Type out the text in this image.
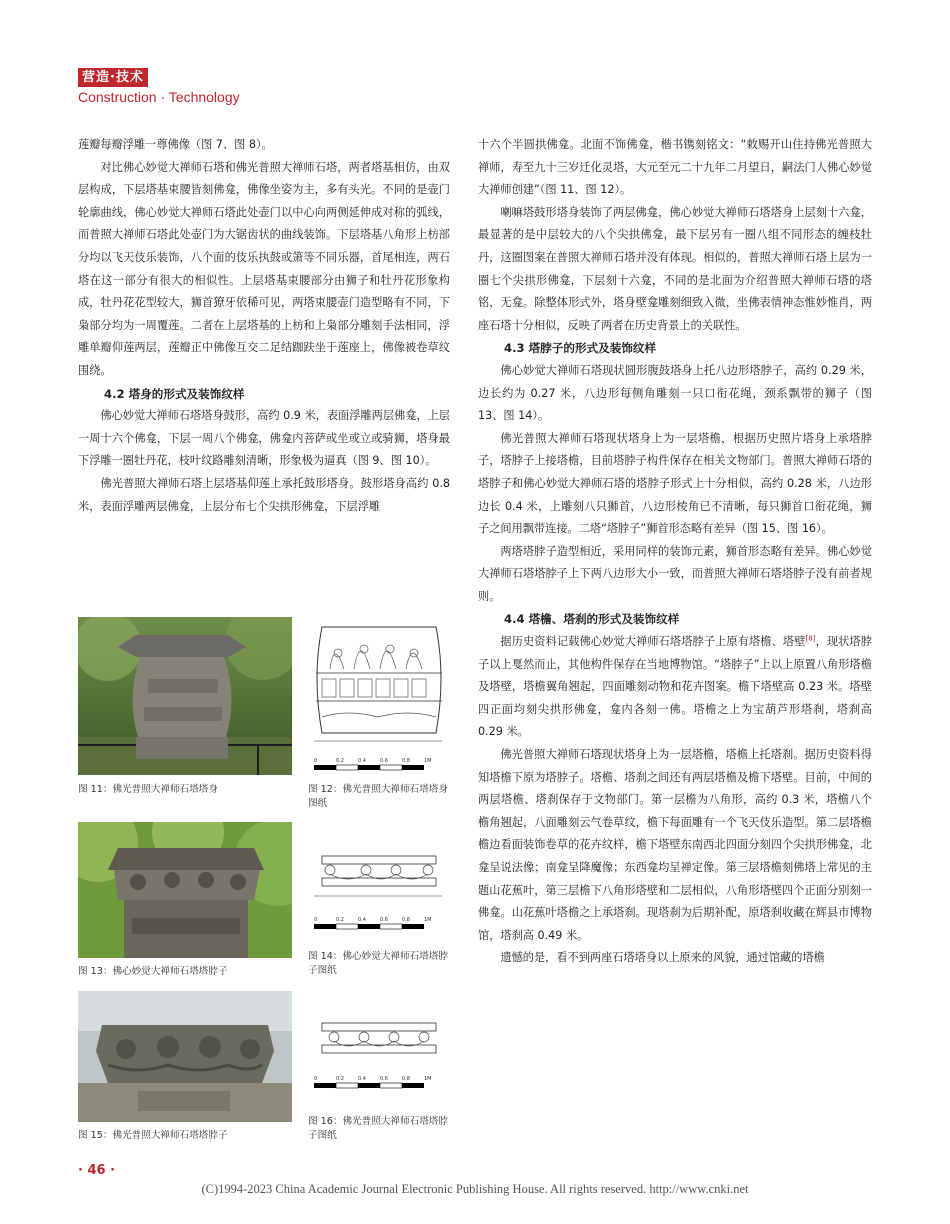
营造·技术
Construction · Technology

莲瓣每瓣浮雕一尊佛像（图 7、图 8）。

对比佛心妙觉大禅师石塔和佛光普照大禅师石塔，两者塔基相仿，由双层构成，下层塔基束腰皆刻佛龛，佛像坐姿为主，多有头光。不同的是壶门轮廓曲线，佛心妙觉大禅师石塔此处壶门以中心向两侧延伸成对称的弧线，而普照大禅师石塔此处壶门为大锯齿状的曲线装饰。下层塔基八角形上枋部分均以飞天伎乐装饰，八个面的伎乐执鼓或箫等不同乐器，首尾相连，两石塔在这一部分有很大的相似性。上层塔基束腰部分由狮子和牡丹花形象构成，牡丹花花型较大，狮首獠牙依稀可见，两塔束腰壶门造型略有不同，下枭部分均为一周覆莲。二者在上层塔基的上枋和上枭部分雕刻手法相同，浮雕单瓣仰莲两层，莲瓣正中佛像互交二足结跏趺坐于莲座上，佛像被卷草纹围绕。

4.2 塔身的形式及装饰纹样

佛心妙觉大禅师石塔塔身鼓形，高约 0.9 米，表面浮雕两层佛龛，上层一周十六个佛龛，下层一周八个佛龛，佛龛内菩萨或坐或立或骑狮，塔身最下浮雕一圈牡丹花，枝叶纹路雕刻清晰，形象极为逼真（图 9、图 10）。

佛光普照大禅师石塔上层塔基仰莲上承托鼓形塔身。鼓形塔身高约 0.8 米，表面浮雕两层佛龛，上层分布七个尖拱形佛龛，下层浮雕

十六个半圆拱佛龛。北面不饰佛龛，楷书镌刻铭文：“敕赐开山住持佛光普照大禅师，寿至九十三岁迁化灵塔，大元至元二十九年二月望日，嗣法门人佛心妙觉大禅师创建”（图 11、图 12）。

喇嘛塔鼓形塔身装饰了两层佛龛，佛心妙觉大禅师石塔塔身上层刻十六龛，最显著的是中层较大的八个尖拱佛龛，最下层另有一圈八组不同形态的缠枝牡丹，这圈图案在普照大禅师石塔并没有体现。相似的，普照大禅师石塔上层为一圈七个尖拱形佛龛，下层刻十六龛，不同的是北面为介绍普照大禅师石塔的塔铭，无龛。除整体形式外，塔身壁龛雕刻细致入微，坐佛表情神态惟妙惟肖，两座石塔十分相似，反映了两者在历史背景上的关联性。

4.3 塔脖子的形式及装饰纹样

佛心妙觉大禅师石塔现状圆形腹鼓塔身上托八边形塔脖子，高约 0.29 米，边长约为 0.27 米，八边形每侧角雕刻一只口衔花绳，颈系飘带的狮子（图 13、图 14）。

佛光普照大禅师石塔现状塔身上为一层塔檐，根据历史照片塔身上承塔脖子，塔脖子上接塔檐，目前塔脖子构件保存在相关文物部门。普照大禅师石塔的塔脖子和佛心妙觉大禅师石塔的塔脖子形式上十分相似，高约 0.28 米，八边形边长 0.4 米，上雕刻八只狮首，八边形棱角已不清晰，每只狮首口衔花绳，狮子之间用飘带连接。二塔“塔脖子”狮首形态略有差异（图 15、图 16）。

两塔塔脖子造型相近，采用同样的装饰元素，狮首形态略有差异。佛心妙觉大禅师石塔塔脖子上下两八边形大小一致，而普照大禅师石塔塔脖子没有前者规则。

4.4 塔檐、塔刹的形式及装饰纹样

据历史资料记载佛心妙觉大禅师石塔塔脖子上原有塔檐、塔壁[8]，现状塔脖子以上戛然而止，其他构件保存在当地博物馆。“塔脖子”上以上原置八角形塔檐及塔壁，塔檐翼角翘起，四面雕刻动物和花卉图案。檐下塔壁高 0.23 米。塔壁四正面均刻尖拱形佛龛，龛内各刻一佛。塔檐之上为宝葫芦形塔刹，塔刹高 0.29 米。

佛光普照大禅师石塔现状塔身上为一层塔檐，塔檐上托塔刹。据历史资料得知塔檐下原为塔脖子。塔檐、塔刹之间还有两层塔檐及檐下塔壁。目前，中间的两层塔檐、塔刹保存于文物部门。第一层檐为八角形，高约 0.3 米，塔檐八个檐角翘起，八面雕刻云气卷草纹，檐下每面雕有一个飞天伎乐造型。第二层塔檐檐边看面装饰卷草的花卉纹样，檐下塔壁东南西北四面分刻四个尖拱形佛龛，北龛呈说法像；南龛呈降魔像；东西龛均呈禅定像。第三层塔檐刻佛塔上常见的主题山花蕉叶，第三层檐下八角形塔壁和二层相似，八角形塔壁四个正面分别刻一佛龛。山花蕉叶塔檐之上承塔刹。现塔刹为后期补配，原塔刹收藏在辉县市博物馆，塔刹高 0.49 米。

遗憾的是，看不到两座石塔塔身以上原来的风貌，通过馆藏的塔檐

图 11：佛光普照大禅师石塔塔身
0	0.2	0.4	0.6	0.8	1M
图 12：佛光普照大禅师石塔塔身图纸
图 13：佛心妙觉大禅师石塔塔脖子
0	0.2	0.4	0.6	0.8	1M
图 14：佛心妙觉大禅师石塔塔脖子图纸
图 15：佛光普照大禅师石塔塔脖子
0	0.2	0.4	0.6	0.8	1M
图 16：佛光普照大禅师石塔塔脖子图纸
· 46 ·
(C)1994-2023 China Academic Journal Electronic Publishing House. All rights reserved. http://www.cnki.net
